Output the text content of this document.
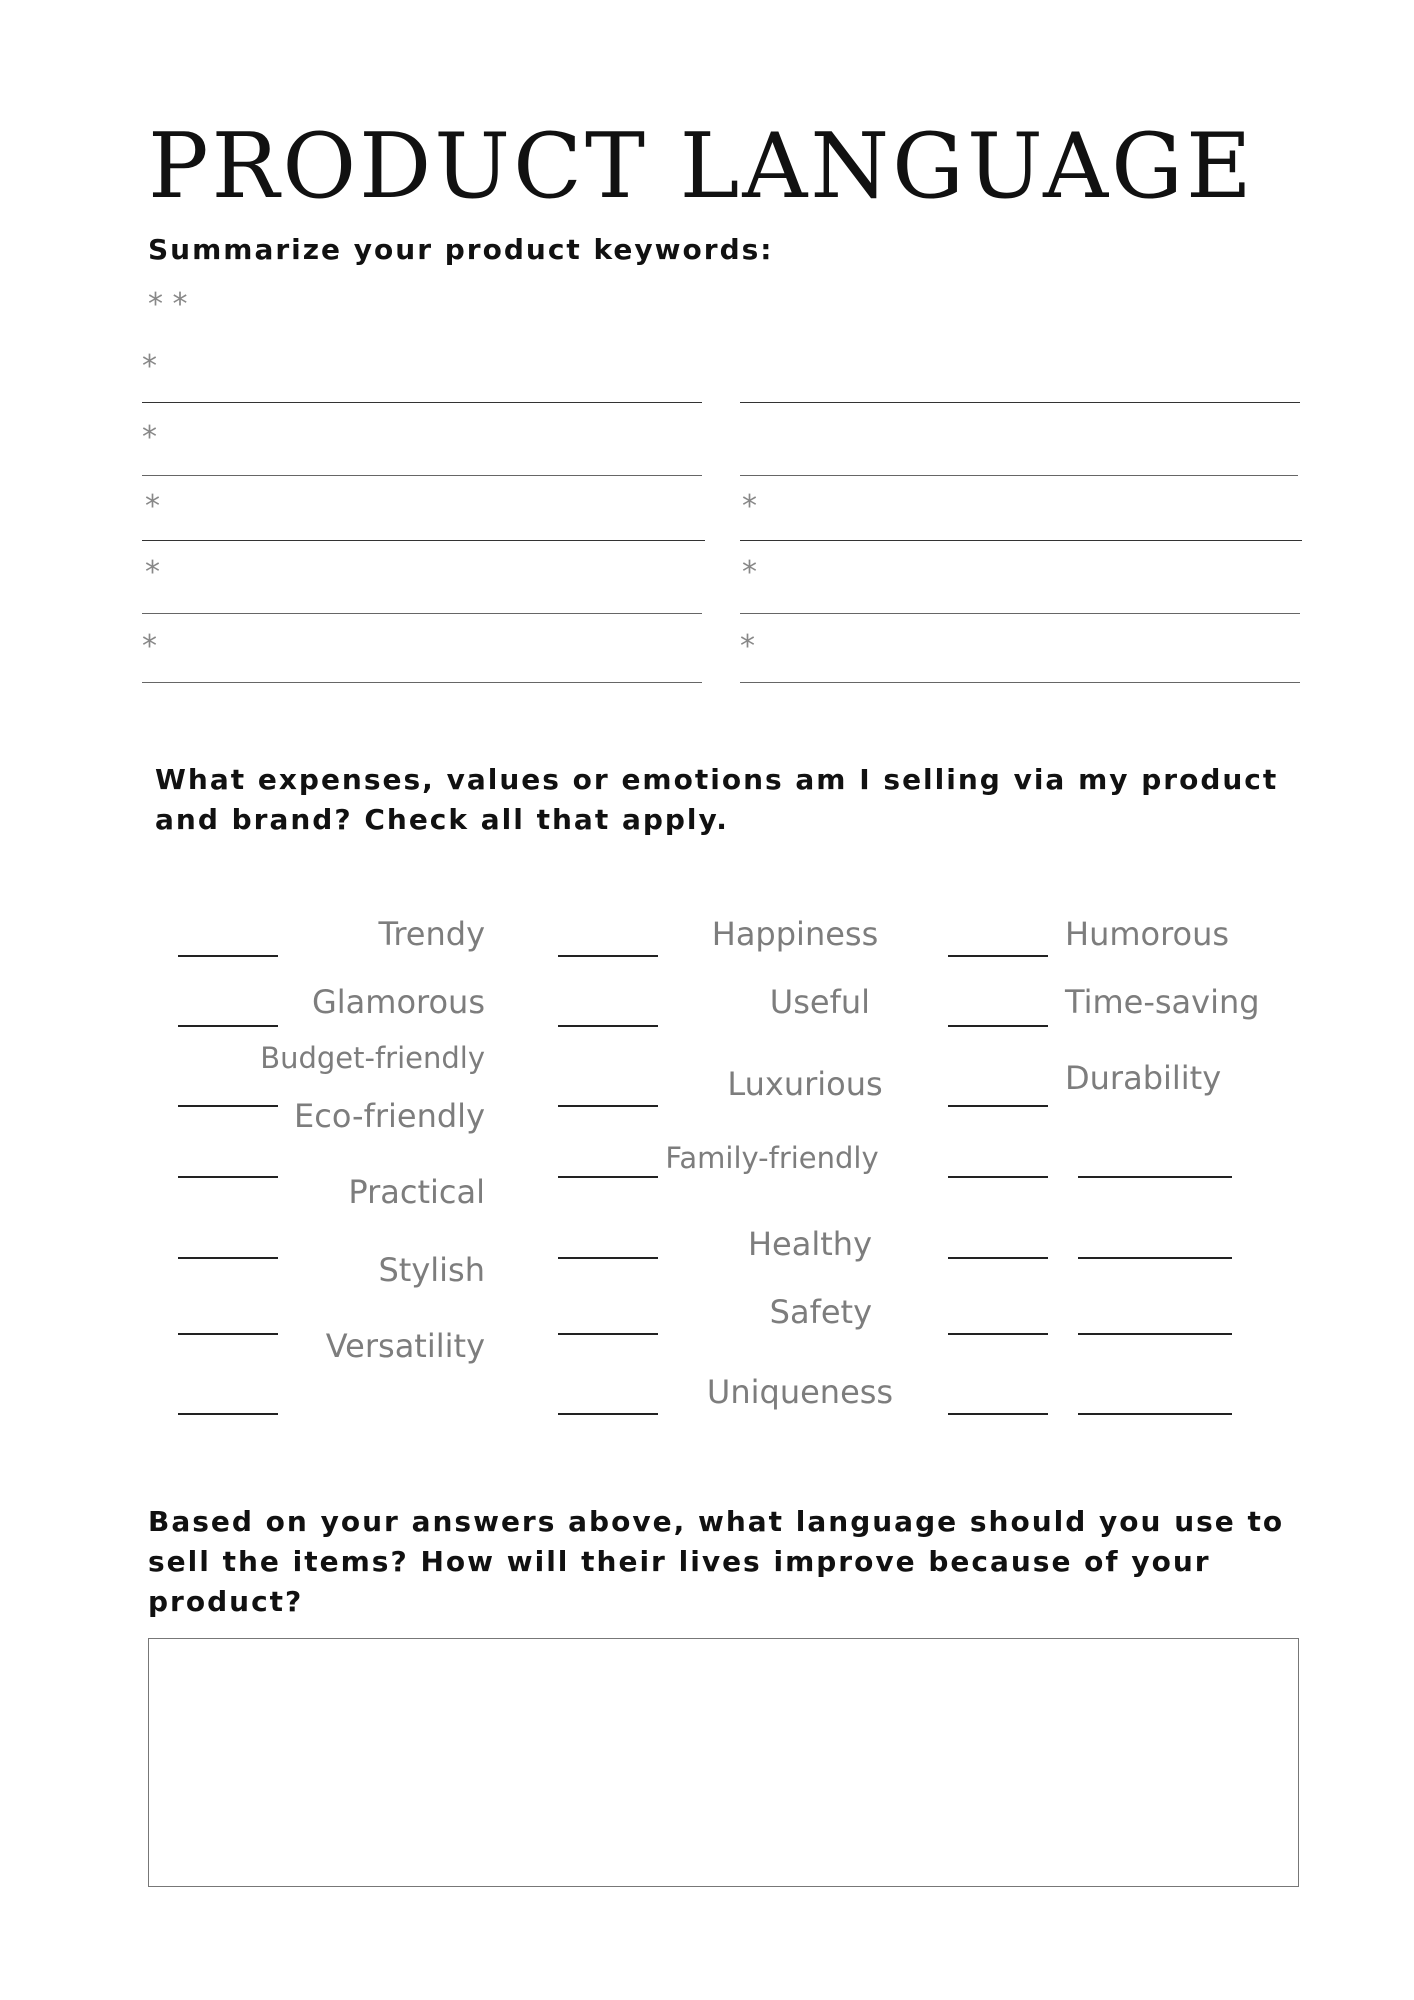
PRODUCT LANGUAGE
Summarize your product keywords:
* *
*
*
*
*
*
*
*
*
What expenses, values or emotions am I selling via my product
and brand? Check all that apply.
Trendy
Glamorous
Budget-friendly
Eco-friendly
Practical
Stylish
Versatility
Happiness
Useful
Luxurious
Family-friendly
Healthy
Safety
Uniqueness
Humorous
Time-saving
Durability
Based on your answers above, what language should you use to
sell the items? How will their lives improve because of your
product?
